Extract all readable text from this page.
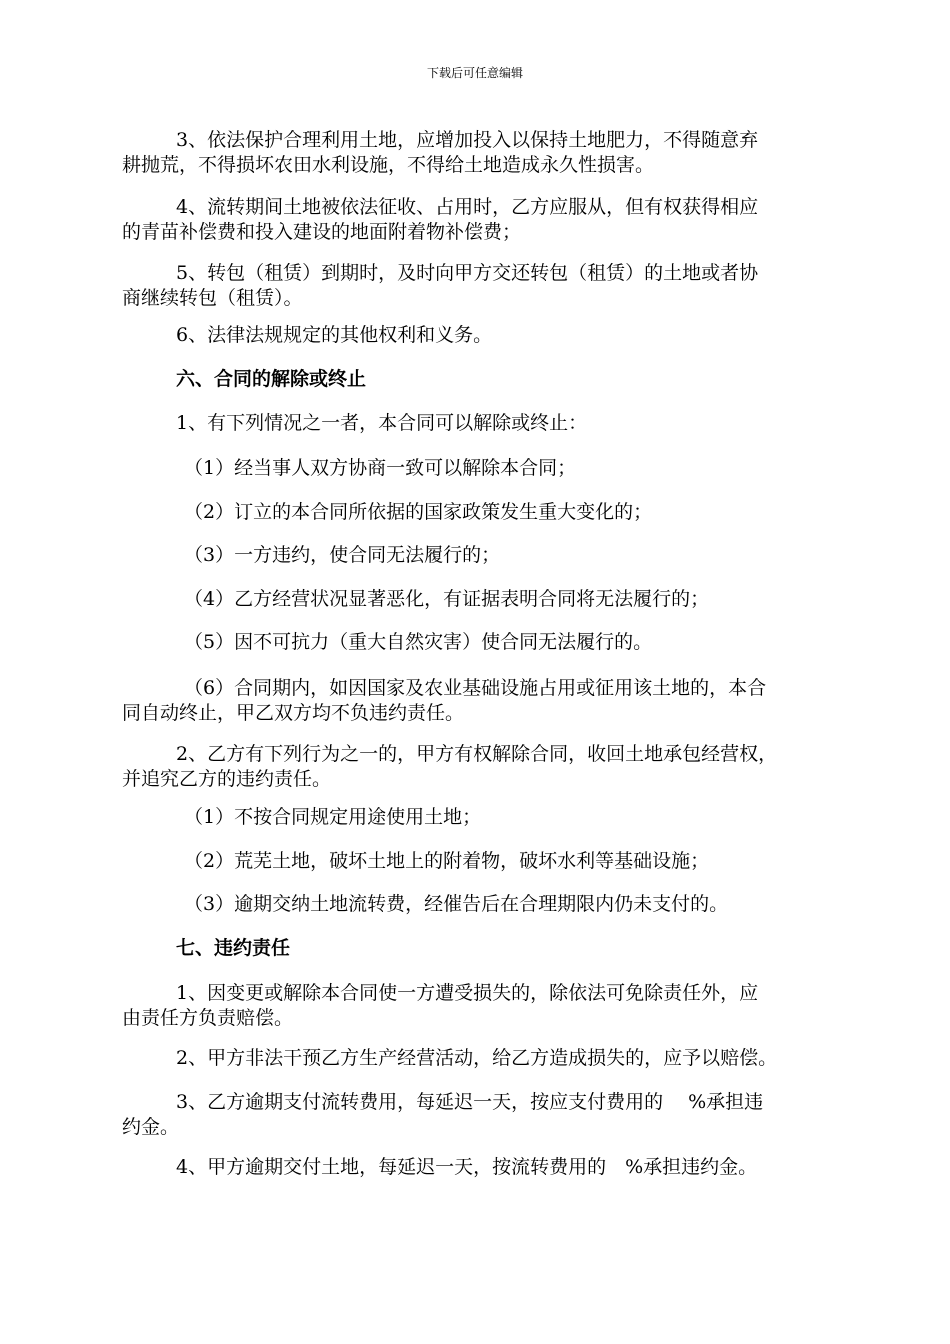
下载后可任意编辑
3、依法保护合理利用土地，应增加投入以保持土地肥力，不得随意弃
耕抛荒，不得损坏农田水利设施，不得给土地造成永久性损害。
4、流转期间土地被依法征收、占用时，乙方应服从，但有权获得相应
的青苗补偿费和投入建设的地面附着物补偿费；
5、转包（租赁）到期时，及时向甲方交还转包（租赁）的土地或者协
商继续转包（租赁）。
6、法律法规规定的其他权利和义务。
六、合同的解除或终止
1、有下列情况之一者，本合同可以解除或终止：
（1）经当事人双方协商一致可以解除本合同；
（2）订立的本合同所依据的国家政策发生重大变化的；
（3）一方违约，使合同无法履行的；
（4）乙方经营状况显著恶化，有证据表明合同将无法履行的；
（5）因不可抗力（重大自然灾害）使合同无法履行的。
（6）合同期内，如因国家及农业基础设施占用或征用该土地的，本合
同自动终止，甲乙双方均不负违约责任。
2、乙方有下列行为之一的，甲方有权解除合同，收回土地承包经营权，
并追究乙方的违约责任。
（1）不按合同规定用途使用土地；
（2）荒芜土地，破坏土地上的附着物，破坏水利等基础设施；
（3）逾期交纳土地流转费，经催告后在合理期限内仍未支付的。
七、违约责任
1、因变更或解除本合同使一方遭受损失的，除依法可免除责任外，应
由责任方负责赔偿。
2、甲方非法干预乙方生产经营活动，给乙方造成损失的，应予以赔偿。
3、乙方逾期支付流转费用，每延迟一天，按应支付费用的　 %承担违
约金。
4、甲方逾期交付土地，每延迟一天，按流转费用的　%承担违约金。
